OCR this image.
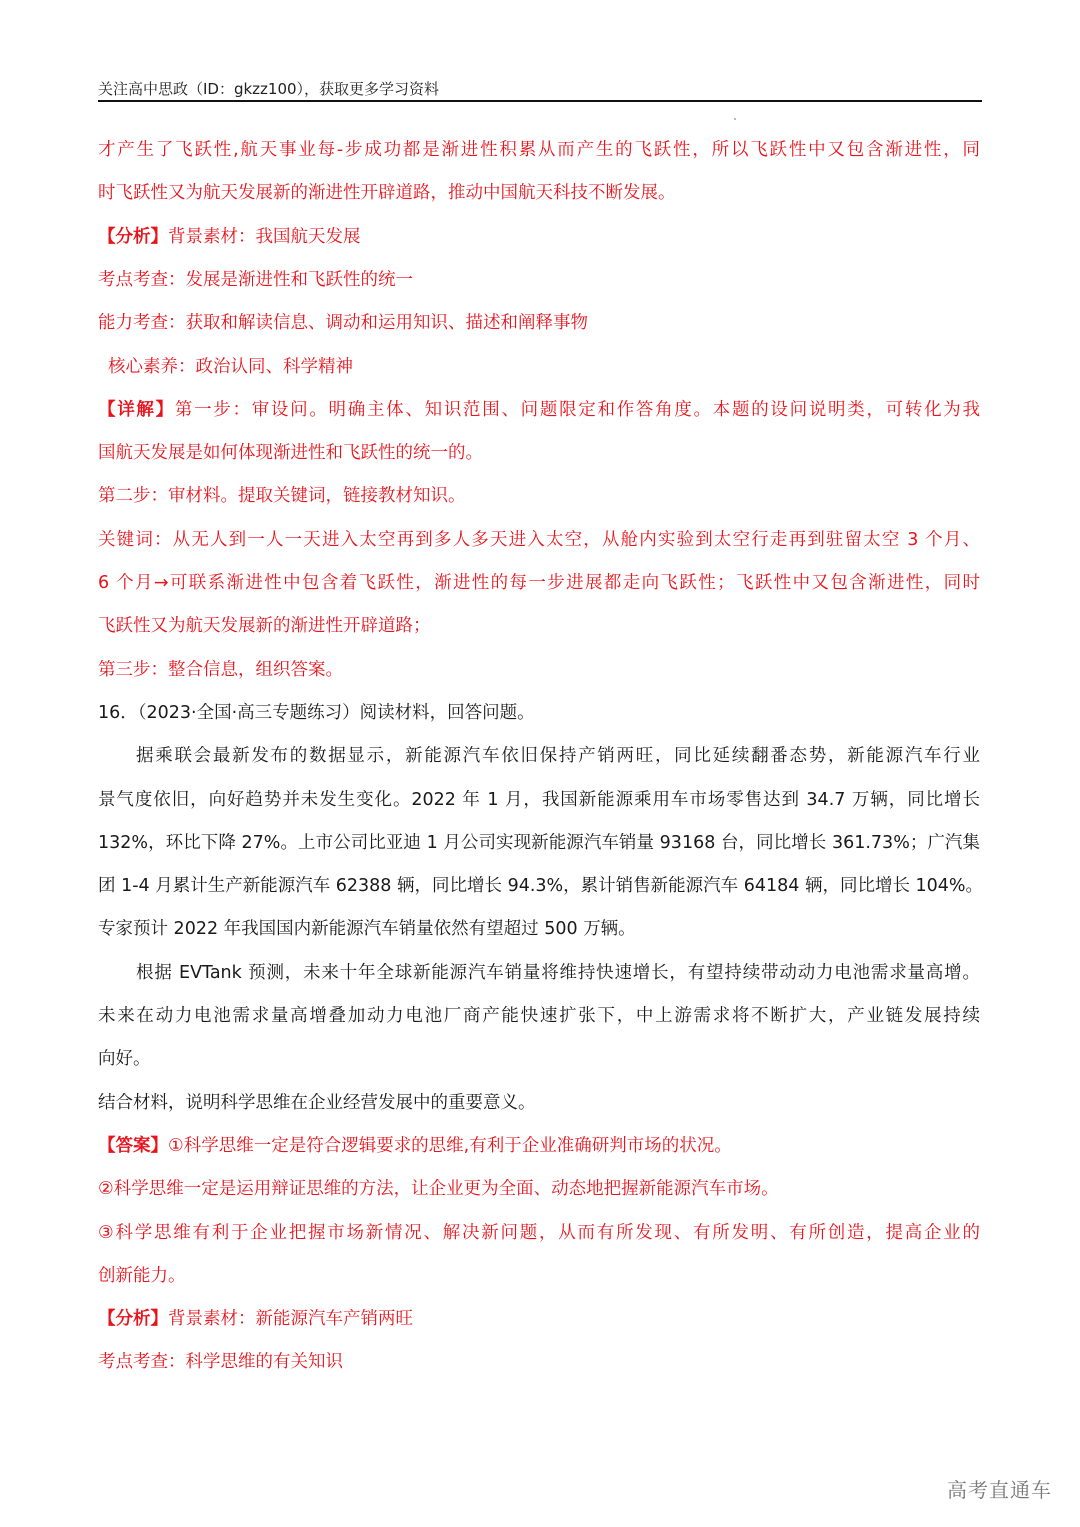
关注高中思政（ID：gkzz100），获取更多学习资料
才产生了飞跃性,航天事业每-步成功都是渐进性积累从而产生的飞跃性，所以飞跃性中又包含渐进性，同
时飞跃性又为航天发展新的渐进性开辟道路，推动中国航天科技不断发展。
【分析】背景素材：我国航天发展
考点考查：发展是渐进性和飞跃性的统一
能力考查：获取和解读信息、调动和运用知识、描述和阐释事物
核心素养：政治认同、科学精神
【详解】第一步：审设问。明确主体、知识范围、问题限定和作答角度。本题的设问说明类，可转化为我
国航天发展是如何体现渐进性和飞跃性的统一的。
第二步：审材料。提取关键词，链接教材知识。
关键词：从无人到一人一天进入太空再到多人多天进入太空，从舱内实验到太空行走再到驻留太空 3 个月、
6 个月→可联系渐进性中包含着飞跃性，渐进性的每一步进展都走向飞跃性；飞跃性中又包含渐进性，同时
飞跃性又为航天发展新的渐进性开辟道路；
第三步：整合信息，组织答案。
16．（2023·全国·高三专题练习）阅读材料，回答问题。
据乘联会最新发布的数据显示，新能源汽车依旧保持产销两旺，同比延续翻番态势，新能源汽车行业
景气度依旧，向好趋势并未发生变化。2022 年 1 月，我国新能源乘用车市场零售达到 34.7 万辆，同比增长
132%，环比下降 27%。上市公司比亚迪 1 月公司实现新能源汽车销量 93168 台，同比增长 361.73%；广汽集
团 1-4 月累计生产新能源汽车 62388 辆，同比增长 94.3%，累计销售新能源汽车 64184 辆，同比增长 104%。
专家预计 2022 年我国国内新能源汽车销量依然有望超过 500 万辆。
根据 EVTank 预测，未来十年全球新能源汽车销量将维持快速增长，有望持续带动动力电池需求量高增。
未来在动力电池需求量高增叠加动力电池厂商产能快速扩张下，中上游需求将不断扩大，产业链发展持续
向好。
结合材料，说明科学思维在企业经营发展中的重要意义。
【答案】①科学思维一定是符合逻辑要求的思维,有利于企业准确研判市场的状况。
②科学思维一定是运用辩证思维的方法，让企业更为全面、动态地把握新能源汽车市场。
③科学思维有利于企业把握市场新情况、解决新问题，从而有所发现、有所发明、有所创造，提高企业的
创新能力。
【分析】背景素材：新能源汽车产销两旺
考点考查：科学思维的有关知识
高考直通车
